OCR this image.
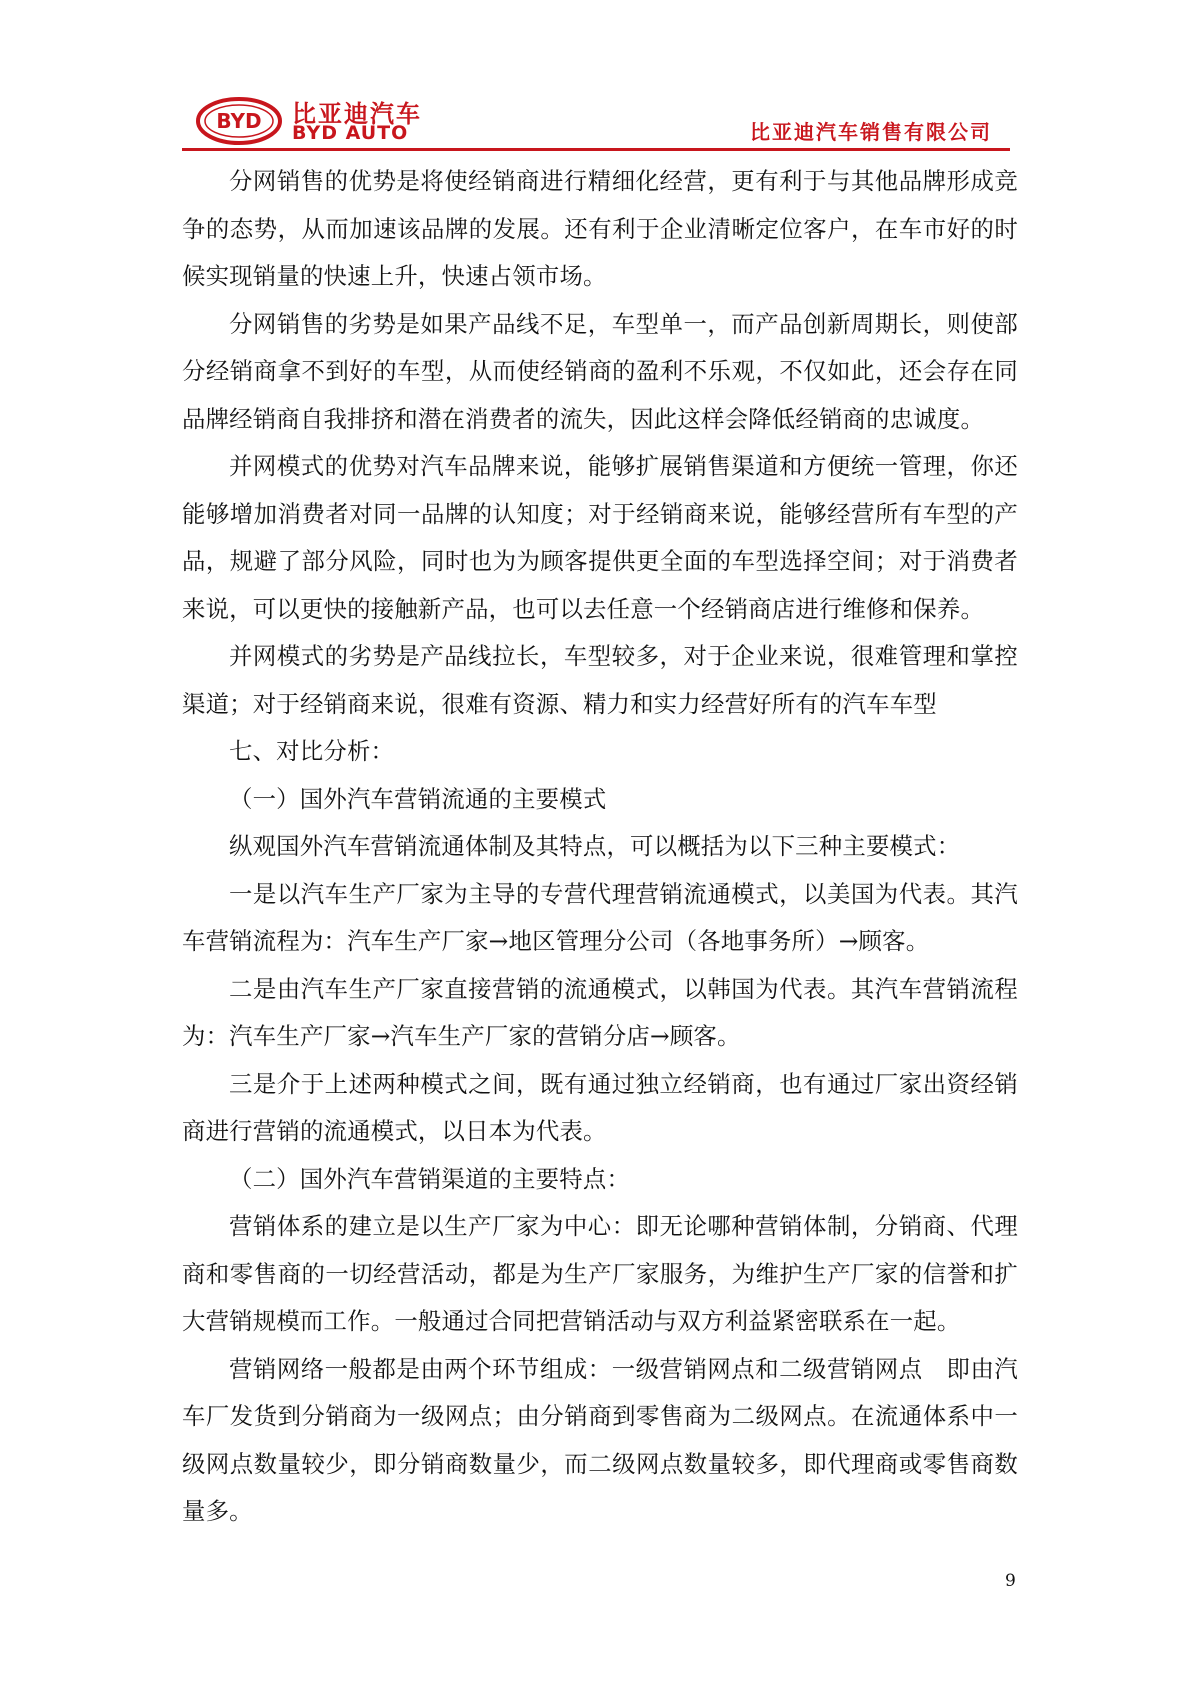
BYD 比亚迪汽车
BYD AUTO	比亚迪汽车销售有限公司

分网销售的优势是将使经销商进行精细化经营，更有利于与其他品牌形成竞争的态势，从而加速该品牌的发展。还有利于企业清晰定位客户，在车市好的时候实现销量的快速上升，快速占领市场。

分网销售的劣势是如果产品线不足，车型单一，而产品创新周期长，则使部分经销商拿不到好的车型，从而使经销商的盈利不乐观，不仅如此，还会存在同品牌经销商自我排挤和潜在消费者的流失，因此这样会降低经销商的忠诚度。

并网模式的优势对汽车品牌来说，能够扩展销售渠道和方便统一管理，你还能够增加消费者对同一品牌的认知度；对于经销商来说，能够经营所有车型的产品，规避了部分风险，同时也为为顾客提供更全面的车型选择空间；对于消费者来说，可以更快的接触新产品，也可以去任意一个经销商店进行维修和保养。

并网模式的劣势是产品线拉长，车型较多，对于企业来说，很难管理和掌控渠道；对于经销商来说，很难有资源、精力和实力经营好所有的汽车车型

七、对比分析：

（一）国外汽车营销流通的主要模式

纵观国外汽车营销流通体制及其特点，可以概括为以下三种主要模式：

一是以汽车生产厂家为主导的专营代理营销流通模式，以美国为代表。其汽车营销流程为：汽车生产厂家→地区管理分公司（各地事务所）→顾客。

二是由汽车生产厂家直接营销的流通模式，以韩国为代表。其汽车营销流程为：汽车生产厂家→汽车生产厂家的营销分店→顾客。

三是介于上述两种模式之间，既有通过独立经销商，也有通过厂家出资经销商进行营销的流通模式，以日本为代表。

（二）国外汽车营销渠道的主要特点：

营销体系的建立是以生产厂家为中心：即无论哪种营销体制，分销商、代理商和零售商的一切经营活动，都是为生产厂家服务，为维护生产厂家的信誉和扩大营销规模而工作。一般通过合同把营销活动与双方利益紧密联系在一起。

营销网络一般都是由两个环节组成：一级营销网点和二级营销网点　即由汽车厂发货到分销商为一级网点；由分销商到零售商为二级网点。在流通体系中一级网点数量较少，即分销商数量少，而二级网点数量较多，即代理商或零售商数量多。

9
